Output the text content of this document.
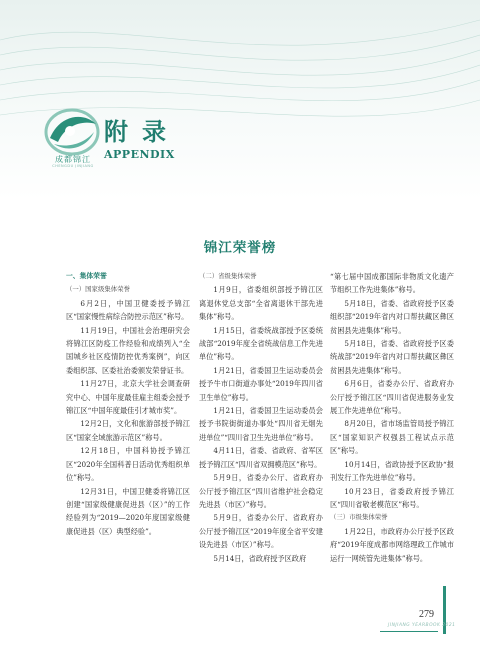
成都锦江
CHENGDU JINJIANG
附录
APPENDIX
锦江荣誉榜

一、集体荣誉

（一）国家级集体荣誉

6月2日，中国卫健委授予锦江区“国家慢性病综合防控示范区”称号。

11月19日，中国社会治理研究会将锦江区防疫工作经验和成绩列入“全国城乡社区疫情防控优秀案例”，向区委组织部、区委社治委颁发荣誉证书。

11月27日，北京大学社会调查研究中心、中国年度最佳雇主组委会授予锦江区“中国年度最佳引才城市奖”。

12月2日，文化和旅游部授予锦江区“国家全域旅游示范区”称号。

12月18日，中国科协授予锦江区“2020年全国科普日活动优秀组织单位”称号。

12月31日，中国卫健委将锦江区创建“国家级健康促进县（区）”的工作经验列为“2019—2020年度国家级健康促进县（区）典型经验”。

（二）省级集体荣誉

1月9日，省委组织部授予锦江区离退休党总支部“全省离退休干部先进集体”称号。

1月15日，省委统战部授予区委统战部“2019年度全省统战信息工作先进单位”称号。

1月21日，省委国卫生运动委员会授予牛市口街道办事处“2019年四川省卫生单位”称号。

1月21日，省委国卫生运动委员会授予书院街街道办事处“四川省无烟先进单位”“四川省卫生先进单位”称号。

4月11日，省委、省政府、省军区授予锦江区“四川省双拥模范区”称号。

5月9日，省委办公厅、省政府办公厅授予锦江区“四川省维护社会稳定先进县（市区）”称号。

5月9日，省委办公厅、省政府办公厅授予锦江区“2019年度全省平安建设先进县（市区）”称号。

5月14日，省政府授予区政府

“第七届中国成都国际非物质文化遗产节组织工作先进集体”称号。

5月18日，省委、省政府授予区委组织部“2019年省内对口帮扶藏区彝区贫困县先进集体”称号。

5月18日，省委、省政府授予区委统战部“2019年省内对口帮扶藏区彝区贫困县先进集体”称号。

6月6日，省委办公厅、省政府办公厅授予锦江区“四川省促进服务业发展工作先进单位”称号。

8月20日，省市场监管局授予锦江区“国家知识产权强县工程试点示范区”称号。

10月14日，省政协授予区政协“报刊发行工作先进单位”称号。

10月23日，省委政府授予锦江区“四川省敬老模范区”称号。

（三）市级集体荣誉

1月22日，市政府办公厅授予区政府“2019年度成都市网络理政工作城市运行一网统管先进集体”称号。

279
JINJIANG YEARBOOK 2021
